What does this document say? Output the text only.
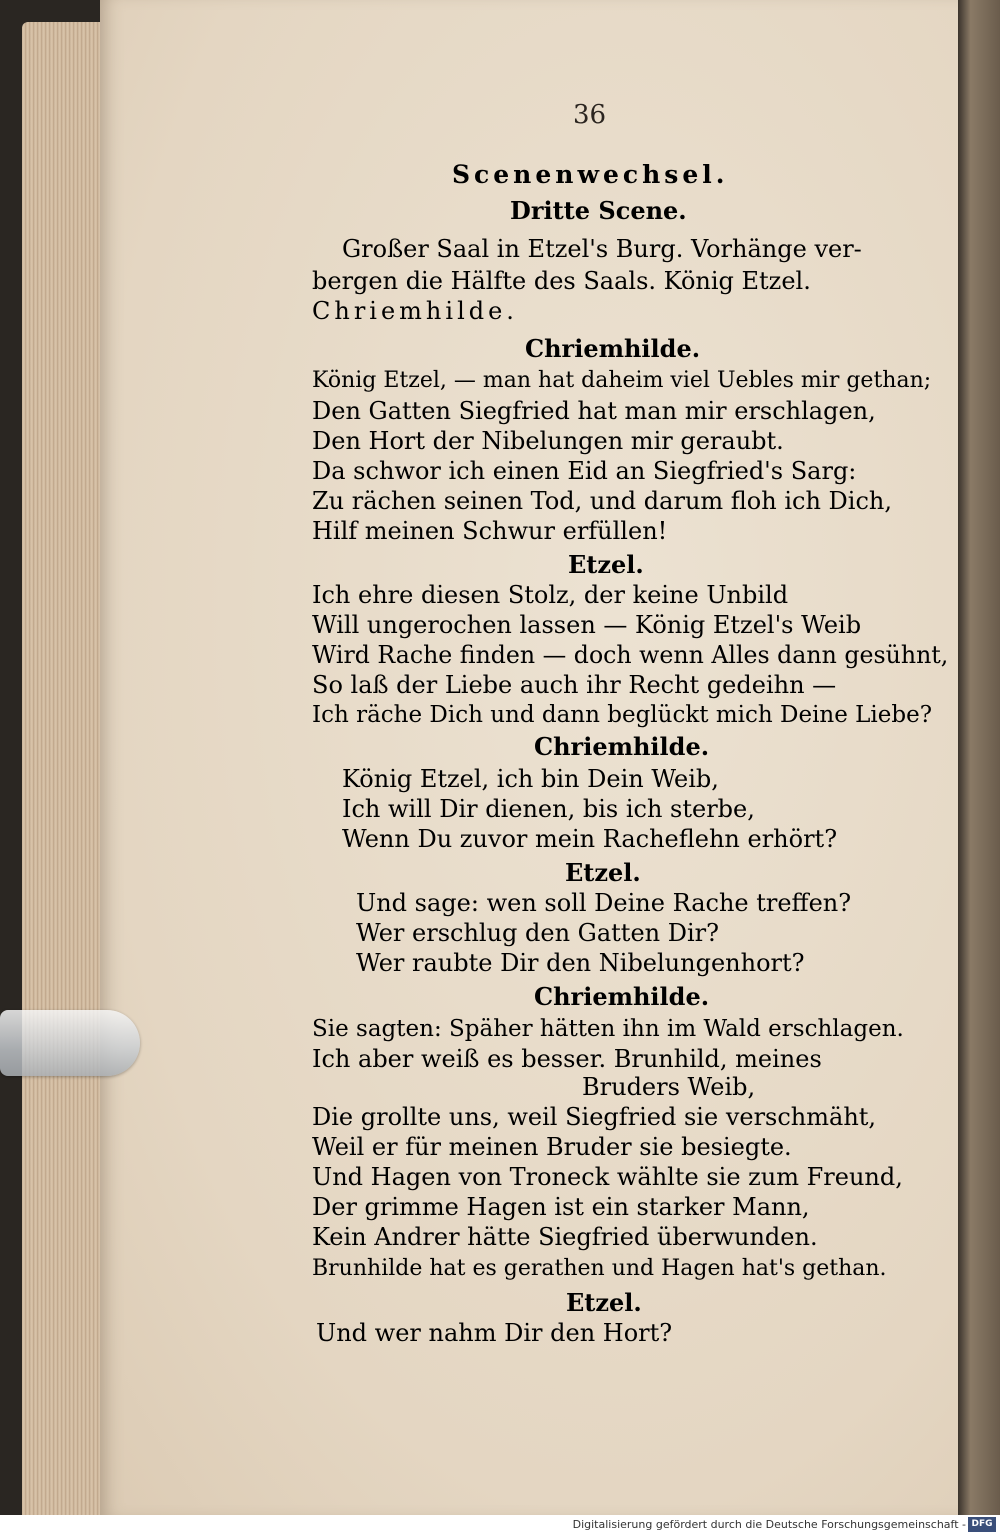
36
Scenenwechsel.
Dritte Scene.
Großer Saal in Etzel's Burg. Vorhänge ver-
bergen die Hälfte des Saals. König Etzel.
Chriemhilde.
Chriemhilde.
König Etzel, — man hat daheim viel Uebles mir gethan;
Den Gatten Siegfried hat man mir erschlagen,
Den Hort der Nibelungen mir geraubt.
Da schwor ich einen Eid an Siegfried's Sarg:
Zu rächen seinen Tod, und darum floh ich Dich,
Hilf meinen Schwur erfüllen!
Etzel.
Ich ehre diesen Stolz, der keine Unbild
Will ungerochen lassen — König Etzel's Weib
Wird Rache finden — doch wenn Alles dann gesühnt,
So laß der Liebe auch ihr Recht gedeihn —
Ich räche Dich und dann beglückt mich Deine Liebe?
Chriemhilde.
König Etzel, ich bin Dein Weib,
Ich will Dir dienen, bis ich sterbe,
Wenn Du zuvor mein Racheflehn erhört?
Etzel.
Und sage: wen soll Deine Rache treffen?
Wer erschlug den Gatten Dir?
Wer raubte Dir den Nibelungenhort?
Chriemhilde.
Sie sagten: Späher hätten ihn im Wald erschlagen.
Ich aber weiß es besser. Brunhild, meines
Bruders Weib,
Die grollte uns, weil Siegfried sie verschmäht,
Weil er für meinen Bruder sie besiegte.
Und Hagen von Troneck wählte sie zum Freund,
Der grimme Hagen ist ein starker Mann,
Kein Andrer hätte Siegfried überwunden.
Brunhilde hat es gerathen und Hagen hat's gethan.
Etzel.
Und wer nahm Dir den Hort?
Digitalisierung gefördert durch die Deutsche Forschungsgemeinschaft - DFG
